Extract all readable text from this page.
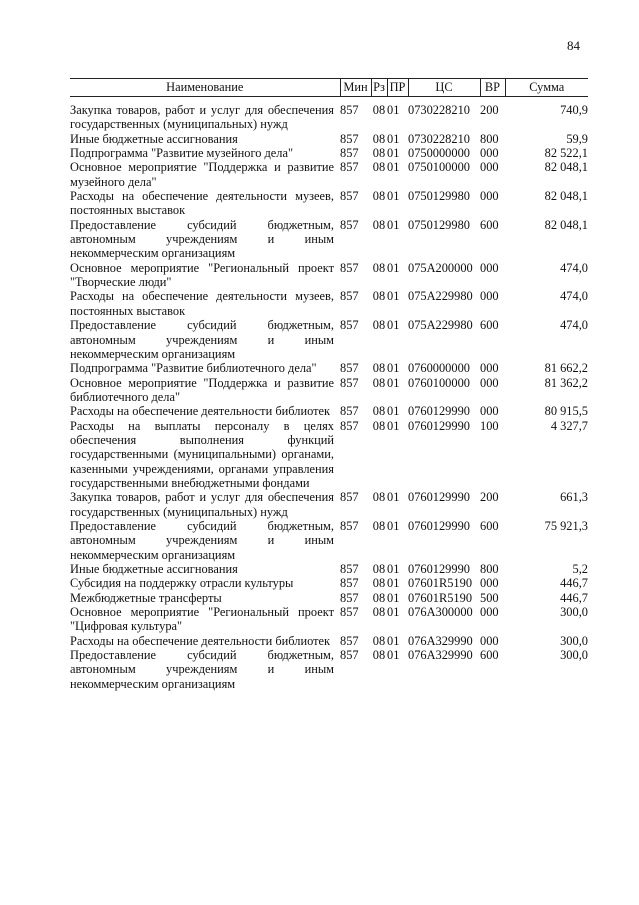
84
Наименование	Мин	Рз	ПР	ЦС	ВР	Сумма
Закупка товаров, работ и услуг для обеспечения государственных (муниципальных) нужд	857	08	01	0730228210	200	740,9
Иные бюджетные ассигнования	857	08	01	0730228210	800	59,9
Подпрограмма "Развитие музейного дела"	857	08	01	0750000000	000	82 522,1
Основное мероприятие "Поддержка и развитие музейного дела"	857	08	01	0750100000	000	82 048,1
Расходы на обеспечение деятельности музеев, постоянных выставок	857	08	01	0750129980	000	82 048,1
Предоставление субсидий бюджетным, автономным учреждениям и иным некоммерческим организациям	857	08	01	0750129980	600	82 048,1
Основное мероприятие "Региональный проект "Творческие люди"	857	08	01	075А200000	000	474,0
Расходы на обеспечение деятельности музеев, постоянных выставок	857	08	01	075А229980	000	474,0
Предоставление субсидий бюджетным, автономным учреждениям и иным некоммерческим организациям	857	08	01	075А229980	600	474,0
Подпрограмма "Развитие библиотечного дела"	857	08	01	0760000000	000	81 662,2
Основное мероприятие "Поддержка и развитие библиотечного дела"	857	08	01	0760100000	000	81 362,2
Расходы на обеспечение деятельности библиотек	857	08	01	0760129990	000	80 915,5
Расходы на выплаты персоналу в целях обеспечения выполнения функций государственными (муниципальными) органами, казенными учреждениями, органами управления государственными внебюджетными фондами	857	08	01	0760129990	100	4 327,7
Закупка товаров, работ и услуг для обеспечения государственных (муниципальных) нужд	857	08	01	0760129990	200	661,3
Предоставление субсидий бюджетным, автономным учреждениям и иным некоммерческим организациям	857	08	01	0760129990	600	75 921,3
Иные бюджетные ассигнования	857	08	01	0760129990	800	5,2
Субсидия на поддержку отрасли культуры	857	08	01	07601R5190	000	446,7
Межбюджетные трансферты	857	08	01	07601R5190	500	446,7
Основное мероприятие "Региональный проект "Цифровая культура"	857	08	01	076А300000	000	300,0
Расходы на обеспечение деятельности библиотек	857	08	01	076А329990	000	300,0
Предоставление субсидий бюджетным, автономным учреждениям и иным некоммерческим организациям	857	08	01	076А329990	600	300,0
